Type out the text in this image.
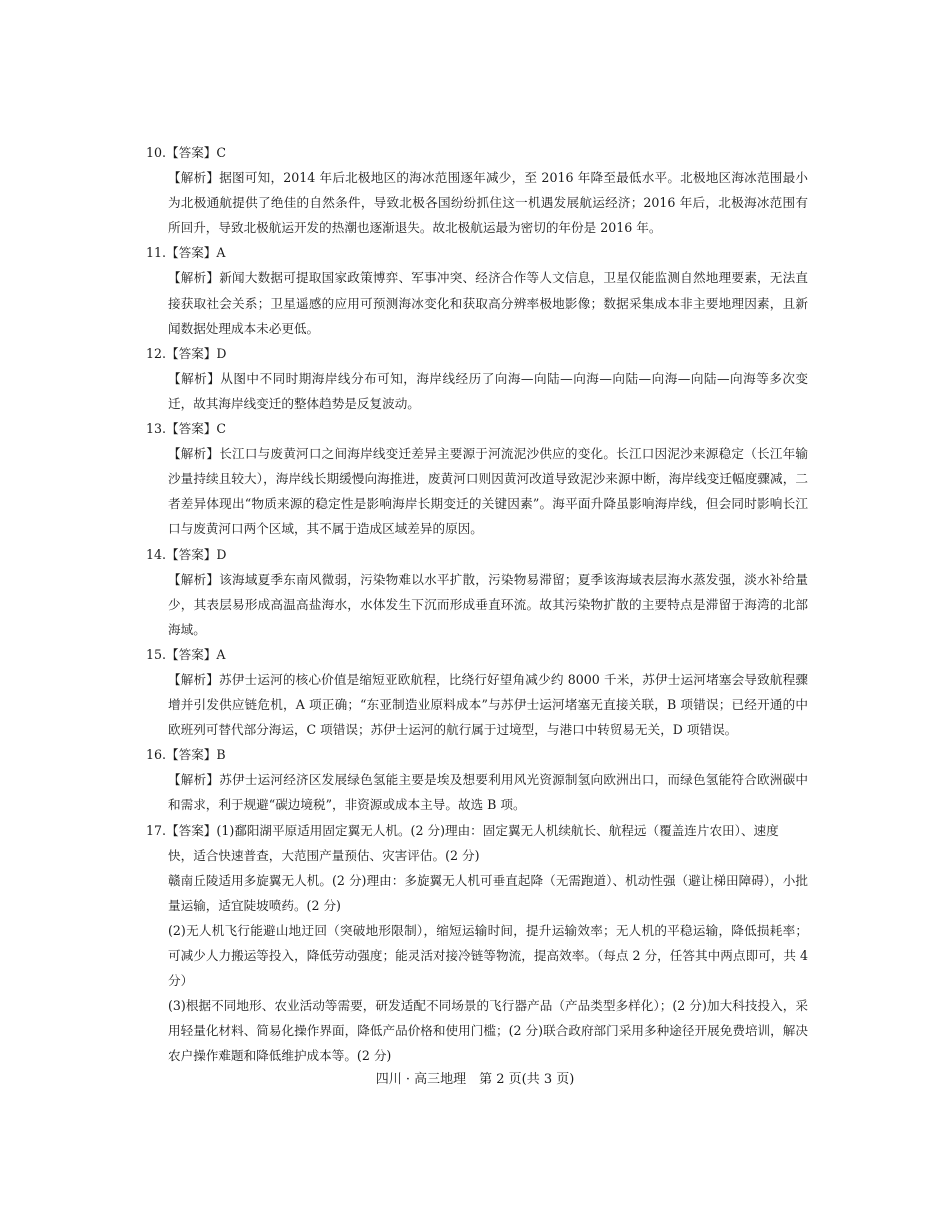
10.【答案】C

【解析】据图可知，2014 年后北极地区的海冰范围逐年减少，至 2016 年降至最低水平。北极地区海冰范围最小为北极通航提供了绝佳的自然条件，导致北极各国纷纷抓住这一机遇发展航运经济；2016 年后，北极海冰范围有所回升，导致北极航运开发的热潮也逐渐退失。故北极航运最为密切的年份是 2016 年。

11.【答案】A

【解析】新闻大数据可提取国家政策博弈、军事冲突、经济合作等人文信息，卫星仅能监测自然地理要素，无法直接获取社会关系；卫星遥感的应用可预测海冰变化和获取高分辨率极地影像；数据采集成本非主要地理因素，且新闻数据处理成本未必更低。

12.【答案】D

【解析】从图中不同时期海岸线分布可知，海岸线经历了向海—向陆—向海—向陆—向海—向陆—向海等多次变迁，故其海岸线变迁的整体趋势是反复波动。

13.【答案】C

【解析】长江口与废黄河口之间海岸线变迁差异主要源于河流泥沙供应的变化。长江口因泥沙来源稳定（长江年输沙量持续且较大），海岸线长期缓慢向海推进，废黄河口则因黄河改道导致泥沙来源中断，海岸线变迁幅度骤减，二者差异体现出“物质来源的稳定性是影响海岸长期变迁的关键因素”。海平面升降虽影响海岸线，但会同时影响长江口与废黄河口两个区域，其不属于造成区域差异的原因。

14.【答案】D

【解析】该海域夏季东南风微弱，污染物难以水平扩散，污染物易滞留；夏季该海域表层海水蒸发强，淡水补给量少，其表层易形成高温高盐海水，水体发生下沉而形成垂直环流。故其污染物扩散的主要特点是滞留于海湾的北部海域。

15.【答案】A

【解析】苏伊士运河的核心价值是缩短亚欧航程，比绕行好望角减少约 8000 千米，苏伊士运河堵塞会导致航程骤增并引发供应链危机，A 项正确；“东亚制造业原料成本”与苏伊士运河堵塞无直接关联，B 项错误；已经开通的中欧班列可替代部分海运，C 项错误；苏伊士运河的航行属于过境型，与港口中转贸易无关，D 项错误。

16.【答案】B

【解析】苏伊士运河经济区发展绿色氢能主要是埃及想要利用风光资源制氢向欧洲出口，而绿色氢能符合欧洲碳中和需求，利于规避“碳边境税”，非资源或成本主导。故选 B 项。

17.【答案】(1)鄱阳湖平原适用固定翼无人机。(2 分)理由：固定翼无人机续航长、航程远（覆盖连片农田）、速度

快，适合快速普查，大范围产量预估、灾害评估。(2 分)

赣南丘陵适用多旋翼无人机。(2 分)理由：多旋翼无人机可垂直起降（无需跑道）、机动性强（避让梯田障碍），小批量运输，适宜陡坡喷药。(2 分)

(2)无人机飞行能避山地迂回（突破地形限制），缩短运输时间，提升运输效率；无人机的平稳运输，降低损耗率；可减少人力搬运等投入，降低劳动强度；能灵活对接冷链等物流，提高效率。（每点 2 分，任答其中两点即可，共 4 分）

(3)根据不同地形、农业活动等需要，研发适配不同场景的飞行器产品（产品类型多样化）；(2 分)加大科技投入，采用轻量化材料、简易化操作界面，降低产品价格和使用门槛；(2 分)联合政府部门采用多种途径开展免费培训，解决农户操作难题和降低维护成本等。(2 分)

四川 · 高三地理　第 2 页(共 3 页)
